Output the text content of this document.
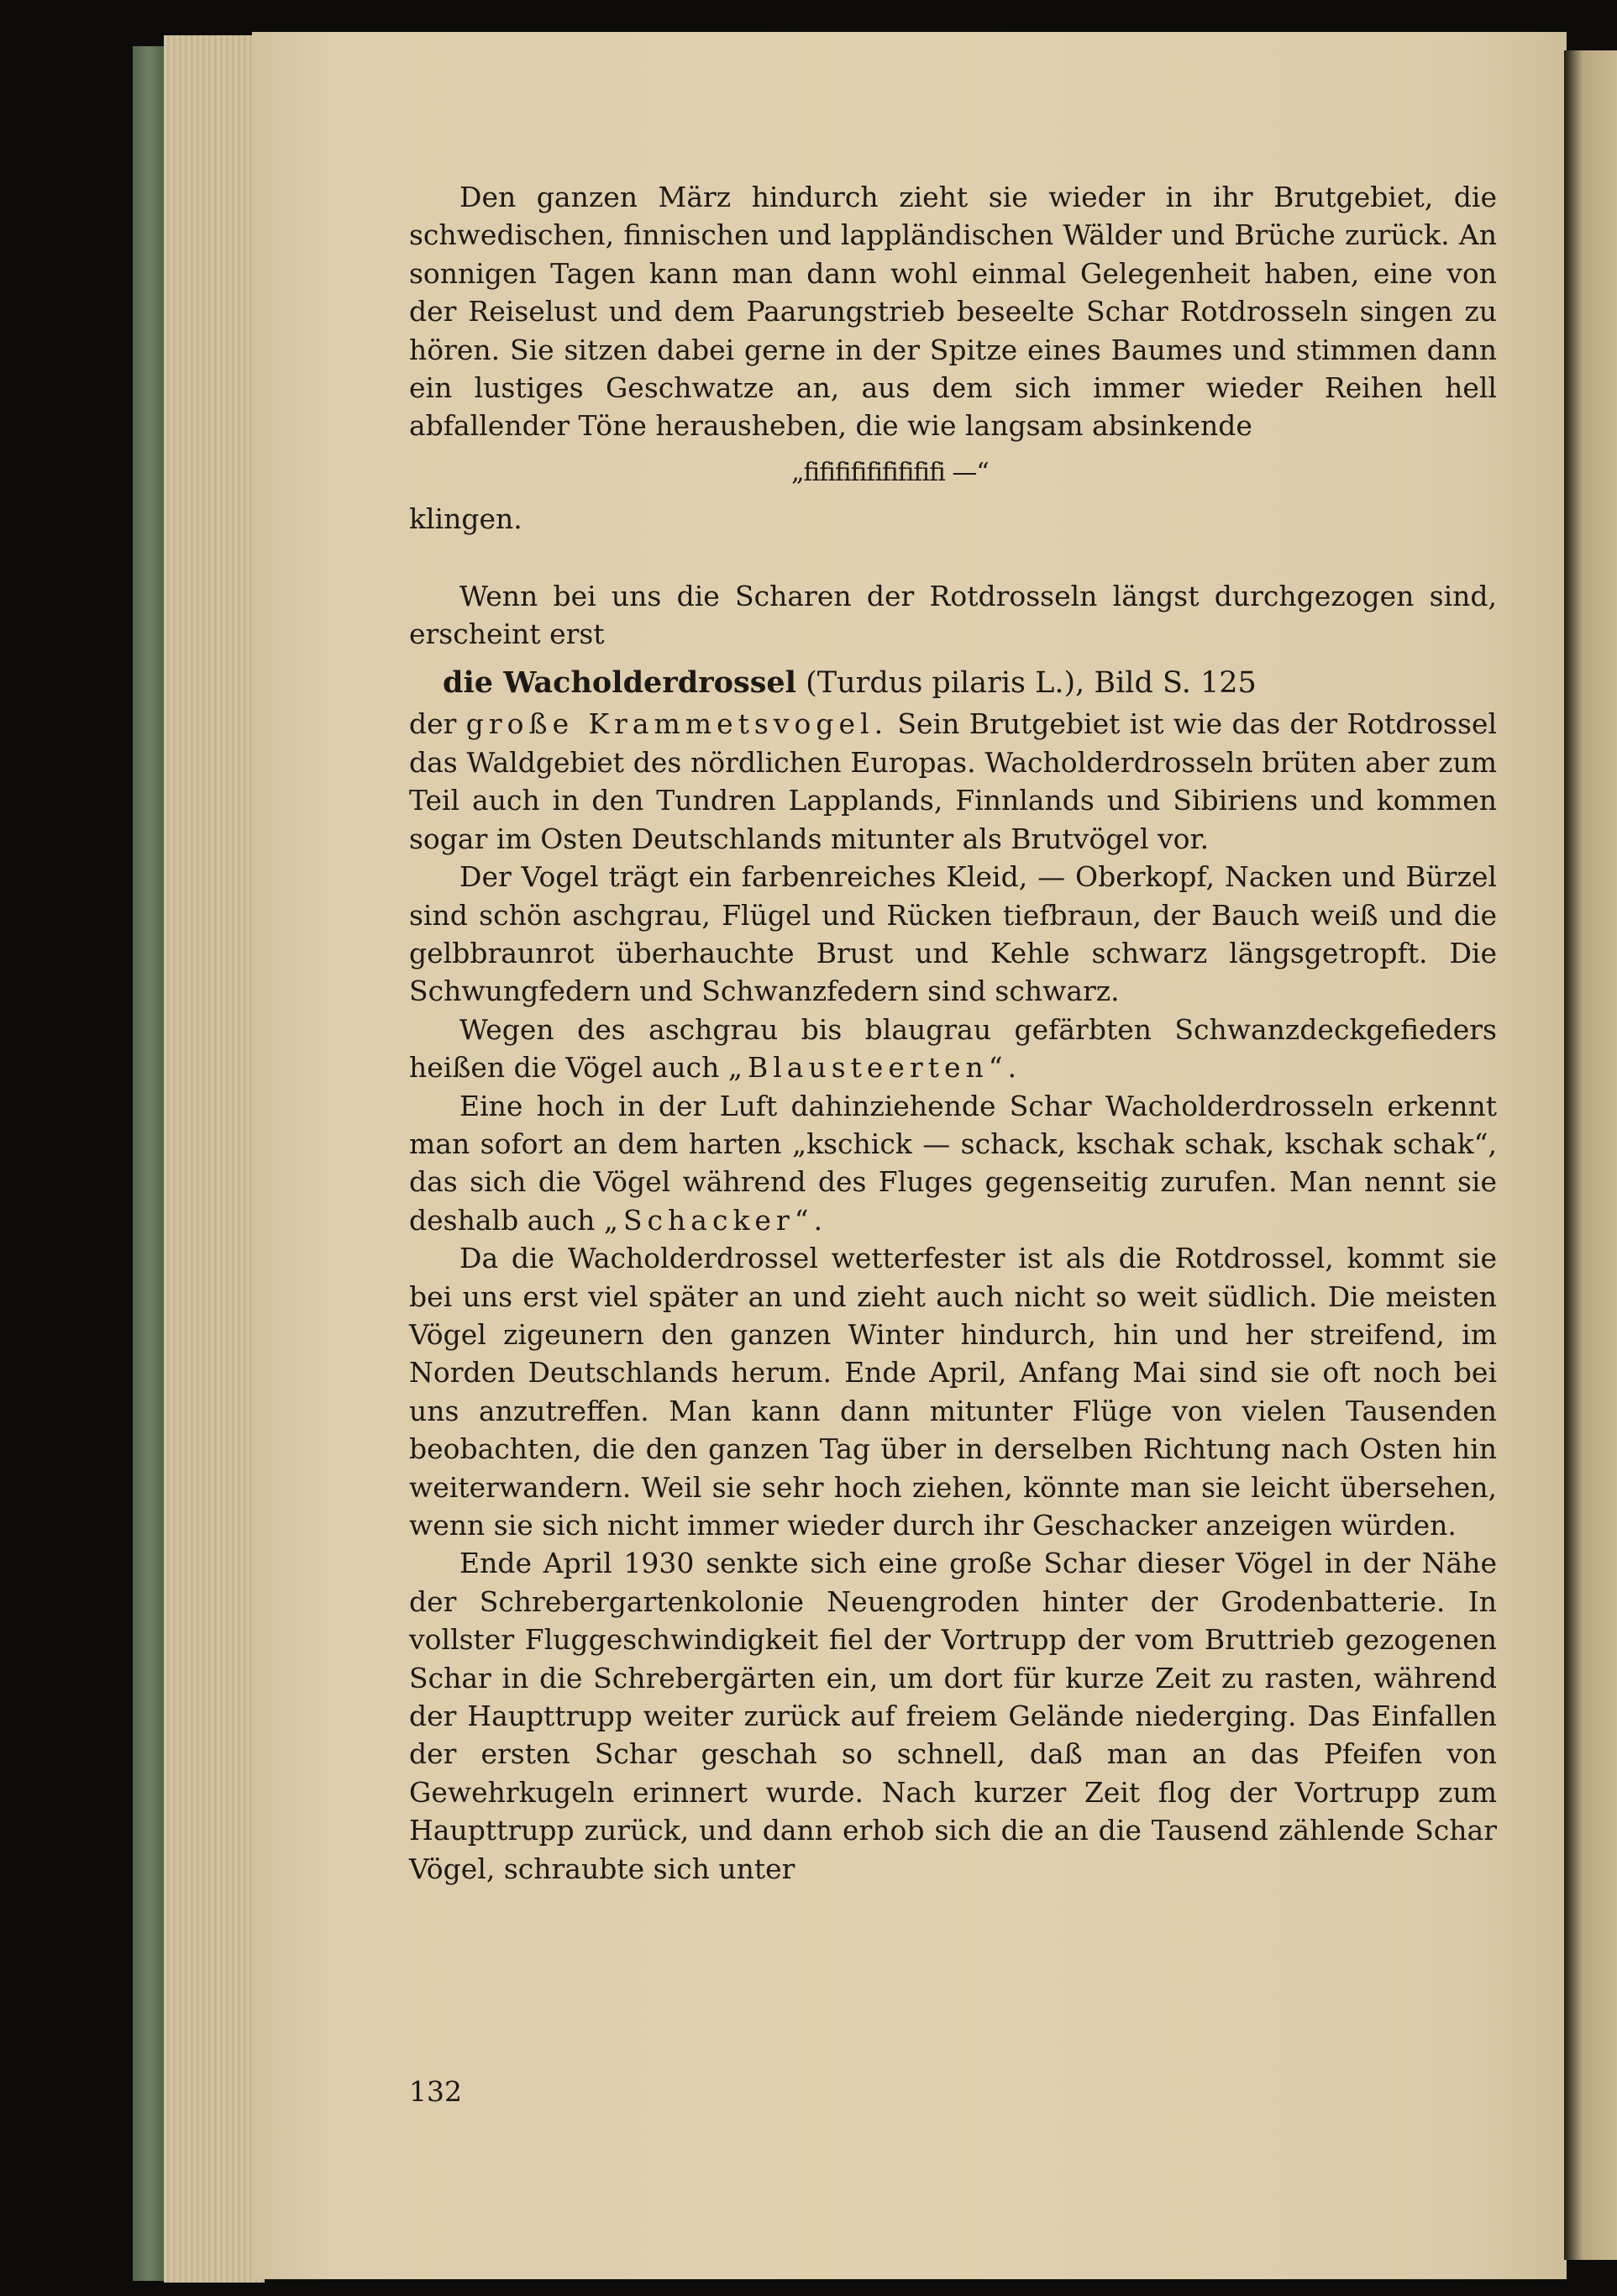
Den ganzen März hindurch zieht sie wieder in ihr Brutgebiet, die schwedischen, finnischen und lappländischen Wälder und Brüche zurück. An sonnigen Tagen kann man dann wohl einmal Gelegenheit haben, eine von der Reiselust und dem Paarungstrieb beseelte Schar Rotdrosseln singen zu hören. Sie sitzen dabei gerne in der Spitze eines Baumes und stimmen dann ein lustiges Geschwatze an, aus dem sich immer wieder Reihen hell abfallender Töne herausheben, die wie langsam absinkende

„fififififififififi —“

klingen.

Wenn bei uns die Scharen der Rotdrosseln längst durchgezogen sind, erscheint erst

die Wacholderdrossel (Turdus pilaris L.), Bild S. 125

der große Krammetsvogel. Sein Brutgebiet ist wie das der Rotdrossel das Waldgebiet des nördlichen Europas. Wacholderdrosseln brüten aber zum Teil auch in den Tundren Lapplands, Finnlands und Sibiriens und kommen sogar im Osten Deutschlands mitunter als Brutvögel vor.

Der Vogel trägt ein farbenreiches Kleid, — Oberkopf, Nacken und Bürzel sind schön aschgrau, Flügel und Rücken tiefbraun, der Bauch weiß und die gelbbraunrot überhauchte Brust und Kehle schwarz längsgetropft. Die Schwungfedern und Schwanzfedern sind schwarz.

Wegen des aschgrau bis blaugrau gefärbten Schwanzdeckgefieders heißen die Vögel auch „Blausteerten“.

Eine hoch in der Luft dahinziehende Schar Wacholderdrosseln erkennt man sofort an dem harten „kschick — schack, kschak schak, kschak schak“, das sich die Vögel während des Fluges gegenseitig zurufen. Man nennt sie deshalb auch „Schacker“.

Da die Wacholderdrossel wetterfester ist als die Rotdrossel, kommt sie bei uns erst viel später an und zieht auch nicht so weit südlich. Die meisten Vögel zigeunern den ganzen Winter hindurch, hin und her streifend, im Norden Deutschlands herum. Ende April, Anfang Mai sind sie oft noch bei uns anzutreffen. Man kann dann mitunter Flüge von vielen Tausenden beobachten, die den ganzen Tag über in derselben Richtung nach Osten hin weiterwandern. Weil sie sehr hoch ziehen, könnte man sie leicht übersehen, wenn sie sich nicht immer wieder durch ihr Geschacker anzeigen würden.

Ende April 1930 senkte sich eine große Schar dieser Vögel in der Nähe der Schrebergartenkolonie Neuengroden hinter der Grodenbatterie. In vollster Fluggeschwindigkeit fiel der Vortrupp der vom Bruttrieb gezogenen Schar in die Schrebergärten ein, um dort für kurze Zeit zu rasten, während der Haupttrupp weiter zurück auf freiem Gelände niederging. Das Einfallen der ersten Schar geschah so schnell, daß man an das Pfeifen von Gewehrkugeln erinnert wurde. Nach kurzer Zeit flog der Vortrupp zum Haupttrupp zurück, und dann erhob sich die an die Tausend zählende Schar Vögel, schraubte sich unter

132
